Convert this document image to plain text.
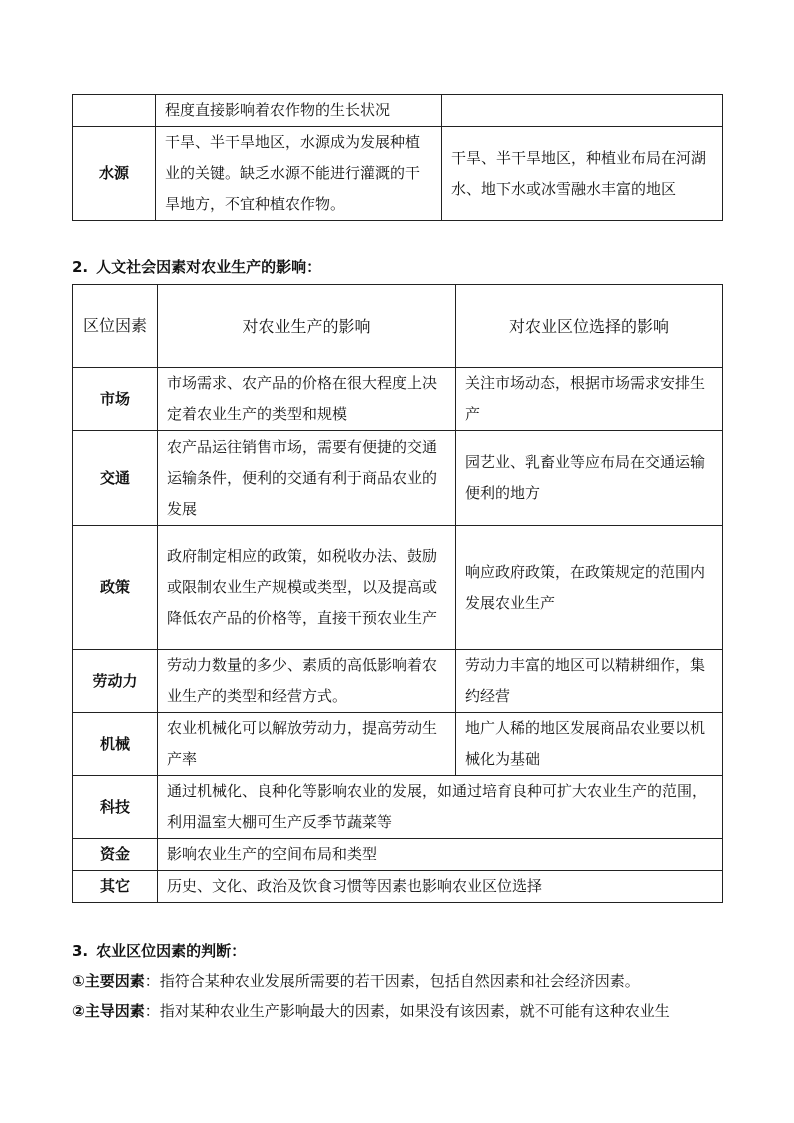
	程度直接影响着农作物的生长状况	
水源	干旱、半干旱地区，水源成为发展种植业的关键。缺乏水源不能进行灌溉的干旱地方，不宜种植农作物。	干旱、半干旱地区，种植业布局在河湖水、地下水或冰雪融水丰富的地区
2. 人文社会因素对农业生产的影响：
区位因素	对农业生产的影响	对农业区位选择的影响
市场	市场需求、农产品的价格在很大程度上决定着农业生产的类型和规模	关注市场动态，根据市场需求安排生产
交通	农产品运往销售市场，需要有便捷的交通运输条件，便利的交通有利于商品农业的发展	园艺业、乳畜业等应布局在交通运输便利的地方
政策	政府制定相应的政策，如税收办法、鼓励或限制农业生产规模或类型，以及提高或降低农产品的价格等，直接干预农业生产	响应政府政策，在政策规定的范围内发展农业生产
劳动力	劳动力数量的多少、素质的高低影响着农业生产的类型和经营方式。	劳动力丰富的地区可以精耕细作，集约经营
机械	农业机械化可以解放劳动力，提高劳动生产率	地广人稀的地区发展商品农业要以机械化为基础
科技	通过机械化、良种化等影响农业的发展，如通过培育良种可扩大农业生产的范围，利用温室大棚可生产反季节蔬菜等	
资金	影响农业生产的空间布局和类型	
其它	历史、文化、政治及饮食习惯等因素也影响农业区位选择	
3. 农业区位因素的判断：
①主要因素：指符合某种农业发展所需要的若干因素，包括自然因素和社会经济因素。
②主导因素：指对某种农业生产影响最大的因素，如果没有该因素，就不可能有这种农业生
